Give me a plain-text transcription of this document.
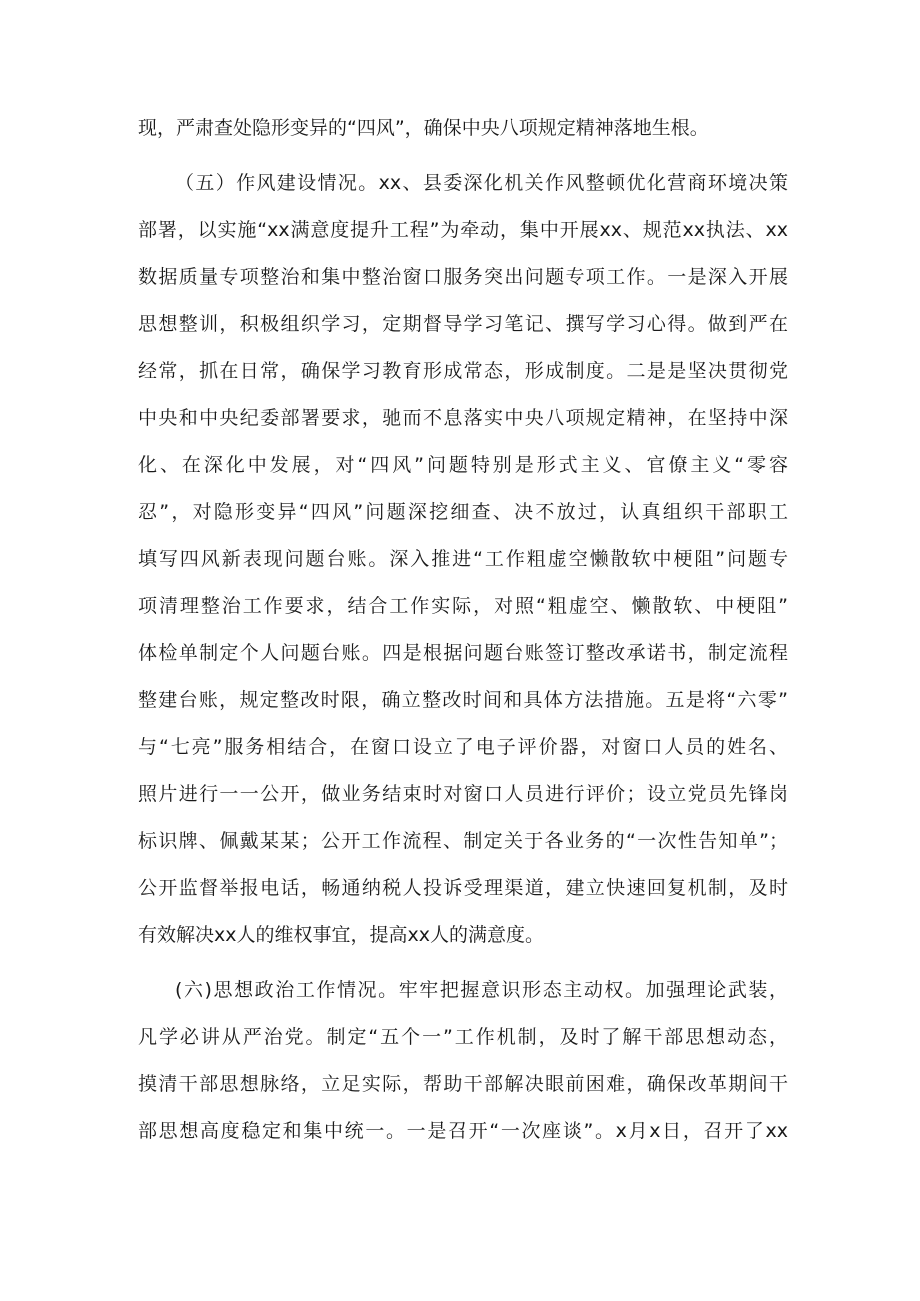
现，严肃查处隐形变异的“四风”，确保中央八项规定精神落地生根。
（五）作风建设情况。xx、县委深化机关作风整顿优化营商环境决策
部署，以实施“xx满意度提升工程”为牵动，集中开展xx、规范xx执法、xx
数据质量专项整治和集中整治窗口服务突出问题专项工作。一是深入开展
思想整训，积极组织学习，定期督导学习笔记、撰写学习心得。做到严在
经常，抓在日常，确保学习教育形成常态，形成制度。二是是坚决贯彻党
中央和中央纪委部署要求，驰而不息落实中央八项规定精神，在坚持中深
化、在深化中发展，对“四风”问题特别是形式主义、官僚主义“零容
忍”，对隐形变异“四风”问题深挖细查、决不放过，认真组织干部职工
填写四风新表现问题台账。深入推进“工作粗虚空懒散软中梗阻”问题专
项清理整治工作要求，结合工作实际，对照“粗虚空、懒散软、中梗阻”
体检单制定个人问题台账。四是根据问题台账签订整改承诺书，制定流程
整建台账，规定整改时限，确立整改时间和具体方法措施。五是将“六零”
与“七亮”服务相结合，在窗口设立了电子评价器，对窗口人员的姓名、
照片进行一一公开，做业务结束时对窗口人员进行评价；设立党员先锋岗
标识牌、佩戴某某；公开工作流程、制定关于各业务的“一次性告知单”；
公开监督举报电话，畅通纳税人投诉受理渠道，建立快速回复机制，及时
有效解决xx人的维权事宜，提高xx人的满意度。
(六)思想政治工作情况。牢牢把握意识形态主动权。加强理论武装，
凡学必讲从严治党。制定“五个一”工作机制，及时了解干部思想动态，
摸清干部思想脉络，立足实际，帮助干部解决眼前困难，确保改革期间干
部思想高度稳定和集中统一。一是召开“一次座谈”。x月x日，召开了xx
